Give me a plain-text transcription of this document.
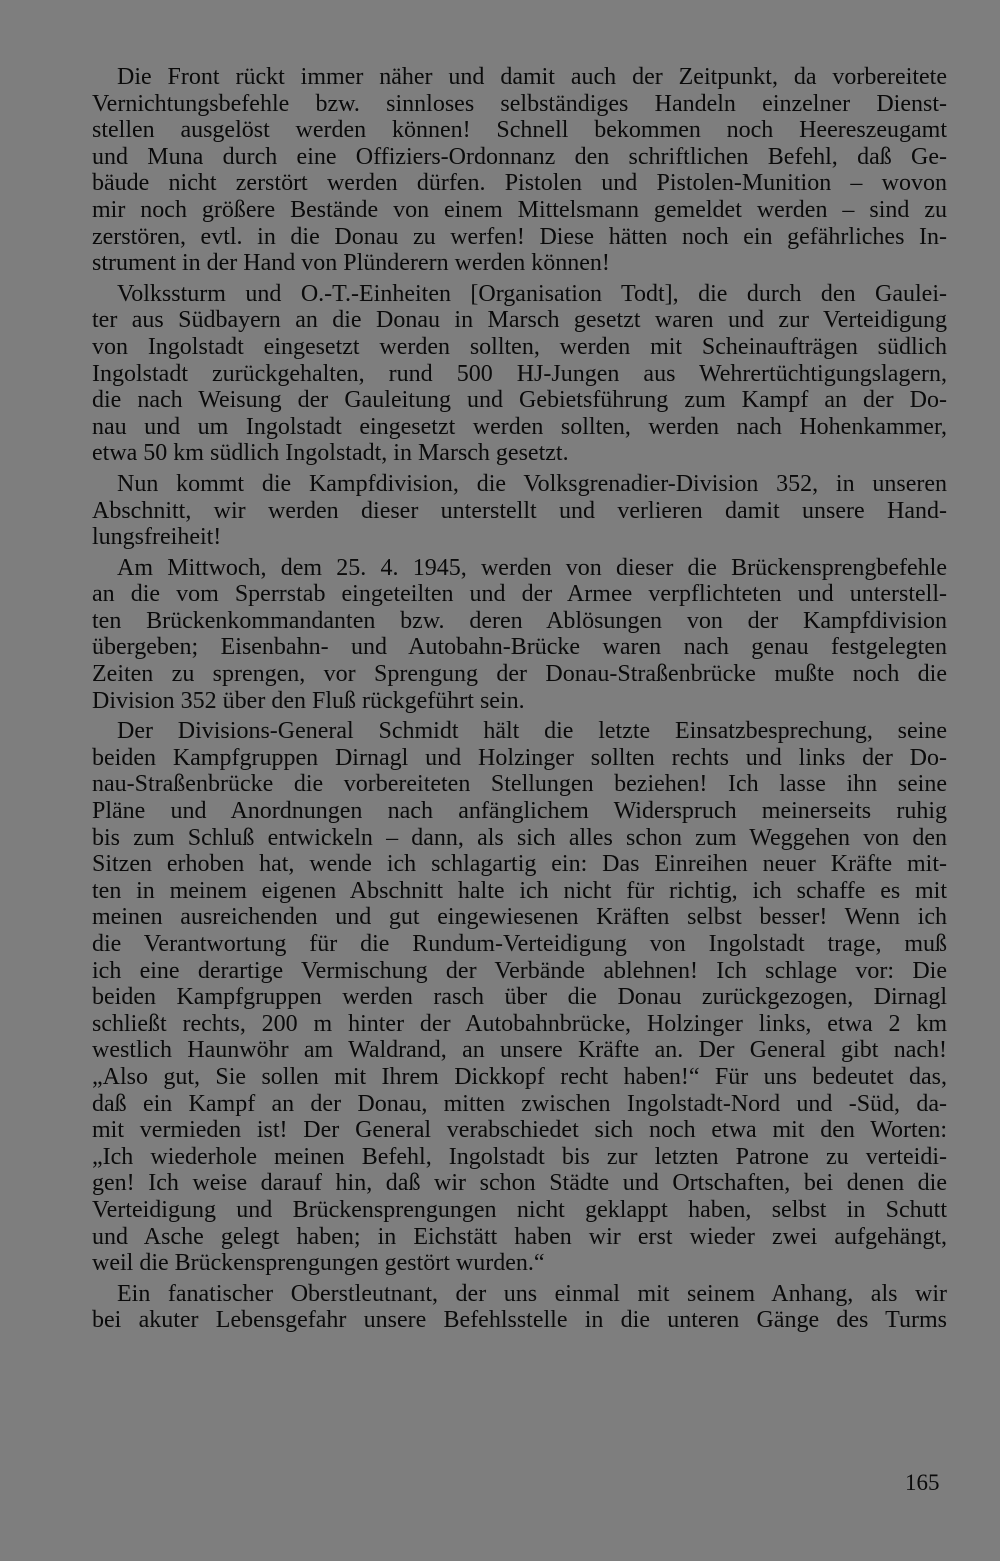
Die Front rückt immer näher und damit auch der Zeitpunkt, da vorbereitete
Vernichtungsbefehle bzw. sinnloses selbständiges Handeln einzelner Dienst-
stellen ausgelöst werden können! Schnell bekommen noch Heereszeugamt
und Muna durch eine Offiziers-Ordonnanz den schriftlichen Befehl, daß Ge-
bäude nicht zerstört werden dürfen. Pistolen und Pistolen-Munition – wovon
mir noch größere Bestände von einem Mittelsmann gemeldet werden – sind zu
zerstören, evtl. in die Donau zu werfen! Diese hätten noch ein gefährliches In-
strument in der Hand von Plünderern werden können!

Volkssturm und O.-T.-Einheiten [Organisation Todt], die durch den Gaulei-
ter aus Südbayern an die Donau in Marsch gesetzt waren und zur Verteidigung
von Ingolstadt eingesetzt werden sollten, werden mit Scheinaufträgen südlich
Ingolstadt zurückgehalten, rund 500 HJ-Jungen aus Wehrertüchtigungslagern,
die nach Weisung der Gauleitung und Gebietsführung zum Kampf an der Do-
nau und um Ingolstadt eingesetzt werden sollten, werden nach Hohenkammer,
etwa 50 km südlich Ingolstadt, in Marsch gesetzt.

Nun kommt die Kampfdivision, die Volksgrenadier-Division 352, in unseren
Abschnitt, wir werden dieser unterstellt und verlieren damit unsere Hand-
lungsfreiheit!

Am Mittwoch, dem 25. 4. 1945, werden von dieser die Brückensprengbefehle
an die vom Sperrstab eingeteilten und der Armee verpflichteten und unterstell-
ten Brückenkommandanten bzw. deren Ablösungen von der Kampfdivision
übergeben; Eisenbahn- und Autobahn-Brücke waren nach genau festgelegten
Zeiten zu sprengen, vor Sprengung der Donau-Straßenbrücke mußte noch die
Division 352 über den Fluß rückgeführt sein.

Der Divisions-General Schmidt hält die letzte Einsatzbesprechung, seine
beiden Kampfgruppen Dirnagl und Holzinger sollten rechts und links der Do-
nau-Straßenbrücke die vorbereiteten Stellungen beziehen! Ich lasse ihn seine
Pläne und Anordnungen nach anfänglichem Widerspruch meinerseits ruhig
bis zum Schluß entwickeln – dann, als sich alles schon zum Weggehen von den
Sitzen erhoben hat, wende ich schlagartig ein: Das Einreihen neuer Kräfte mit-
ten in meinem eigenen Abschnitt halte ich nicht für richtig, ich schaffe es mit
meinen ausreichenden und gut eingewiesenen Kräften selbst besser! Wenn ich
die Verantwortung für die Rundum-Verteidigung von Ingolstadt trage, muß
ich eine derartige Vermischung der Verbände ablehnen! Ich schlage vor: Die
beiden Kampfgruppen werden rasch über die Donau zurückgezogen, Dirnagl
schließt rechts, 200 m hinter der Autobahnbrücke, Holzinger links, etwa 2 km
westlich Haunwöhr am Waldrand, an unsere Kräfte an. Der General gibt nach!
„Also gut, Sie sollen mit Ihrem Dickkopf recht haben!“ Für uns bedeutet das,
daß ein Kampf an der Donau, mitten zwischen Ingolstadt-Nord und -Süd, da-
mit vermieden ist! Der General verabschiedet sich noch etwa mit den Worten:
„Ich wiederhole meinen Befehl, Ingolstadt bis zur letzten Patrone zu verteidi-
gen! Ich weise darauf hin, daß wir schon Städte und Ortschaften, bei denen die
Verteidigung und Brückensprengungen nicht geklappt haben, selbst in Schutt
und Asche gelegt haben; in Eichstätt haben wir erst wieder zwei aufgehängt,
weil die Brückensprengungen gestört wurden.“

Ein fanatischer Oberstleutnant, der uns einmal mit seinem Anhang, als wir
bei akuter Lebensgefahr unsere Befehlsstelle in die unteren Gänge des Turms

165
